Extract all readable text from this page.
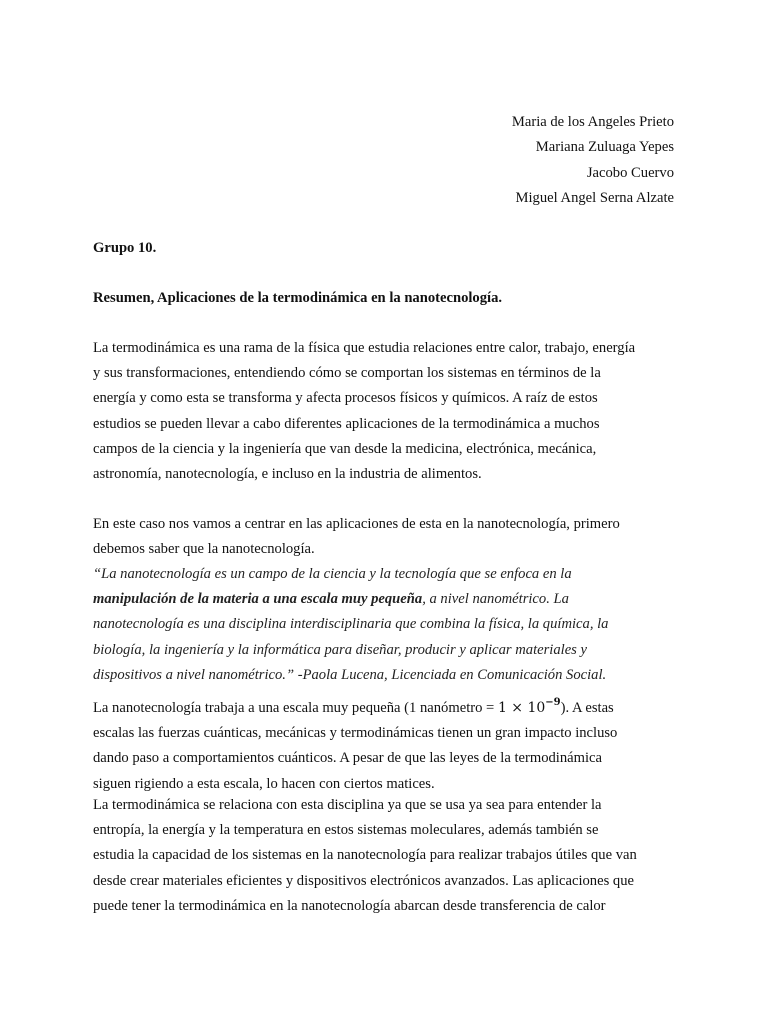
Maria de los Angeles Prieto
Mariana Zuluaga Yepes
Jacobo Cuervo
Miguel Angel Serna Alzate
Grupo 10.
Resumen, Aplicaciones de la termodinámica en la nanotecnología.
La termodinámica es una rama de la física que estudia relaciones entre calor, trabajo, energía
y sus transformaciones, entendiendo cómo se comportan los sistemas en términos de la
energía y como esta se transforma y afecta procesos físicos y químicos. A raíz de estos
estudios se pueden llevar a cabo diferentes aplicaciones de la termodinámica a muchos
campos de la ciencia y la ingeniería que van desde la medicina, electrónica, mecánica,
astronomía, nanotecnología, e incluso en la industria de alimentos.
En este caso nos vamos a centrar en las aplicaciones de esta en la nanotecnología, primero
debemos saber que la nanotecnología.
“La nanotecnología es un campo de la ciencia y la tecnología que se enfoca en la
manipulación de la materia a una escala muy pequeña, a nivel nanométrico. La
nanotecnología es una disciplina interdisciplinaria que combina la física, la química, la
biología, la ingeniería y la informática para diseñar, producir y aplicar materiales y
dispositivos a nivel nanométrico.” -Paola Lucena, Licenciada en Comunicación Social.
La nanotecnología trabaja a una escala muy pequeña (1 nanómetro = $1 \times 10^{-9}$). A estas
escalas las fuerzas cuánticas, mecánicas y termodinámicas tienen un gran impacto incluso
dando paso a comportamientos cuánticos. A pesar de que las leyes de la termodinámica
siguen rigiendo a esta escala, lo hacen con ciertos matices.
La termodinámica se relaciona con esta disciplina ya que se usa ya sea para entender la
entropía, la energía y la temperatura en estos sistemas moleculares, además también se
estudia la capacidad de los sistemas en la nanotecnología para realizar trabajos útiles que van
desde crear materiales eficientes y dispositivos electrónicos avanzados. Las aplicaciones que
puede tener la termodinámica en la nanotecnología abarcan desde transferencia de calor
